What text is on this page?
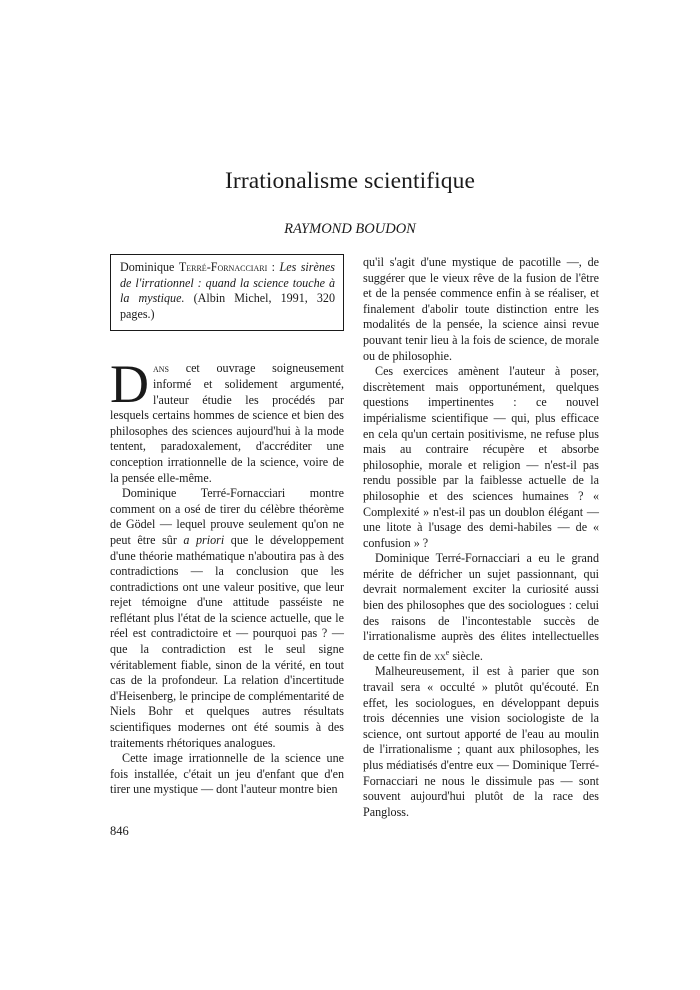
Irrationalisme scientifique
RAYMOND BOUDON
Dominique Terré-Fornacciari : Les sirènes de l'irrationnel : quand la science touche à la mystique. (Albin Michel, 1991, 320 pages.)

Dans cet ouvrage soigneusement informé et solidement argumenté, l'auteur étudie les procédés par lesquels certains hommes de science et bien des philosophes des sciences aujourd'hui à la mode tentent, paradoxalement, d'accréditer une conception irrationnelle de la science, voire de la pensée elle-même.

Dominique Terré-Fornacciari montre comment on a osé de tirer du célèbre théorème de Gödel — lequel prouve seulement qu'on ne peut être sûr a priori que le développement d'une théorie mathématique n'aboutira pas à des contradictions — la conclusion que les contradictions ont une valeur positive, que leur rejet témoigne d'une attitude passéiste ne reflétant plus l'état de la science actuelle, que le réel est contradictoire et — pourquoi pas ? — que la contradiction est le seul signe véritablement fiable, sinon de la vérité, en tout cas de la profondeur. La relation d'incertitude d'Heisenberg, le principe de complémentarité de Niels Bohr et quelques autres résultats scientifiques modernes ont été soumis à des traitements rhétoriques analogues.

Cette image irrationnelle de la science une fois installée, c'était un jeu d'enfant que d'en tirer une mystique — dont l'auteur montre bien

qu'il s'agit d'une mystique de pacotille —, de suggérer que le vieux rêve de la fusion de l'être et de la pensée commence enfin à se réaliser, et finalement d'abolir toute distinction entre les modalités de la pensée, la science ainsi revue pouvant tenir lieu à la fois de science, de morale ou de philosophie.

Ces exercices amènent l'auteur à poser, discrètement mais opportunément, quelques questions impertinentes : ce nouvel impérialisme scientifique — qui, plus efficace en cela qu'un certain positivisme, ne refuse plus mais au contraire récupère et absorbe philosophie, morale et religion — n'est-il pas rendu possible par la faiblesse actuelle de la philosophie et des sciences humaines ? « Complexité » n'est-il pas un doublon élégant — une litote à l'usage des demi-habiles — de « confusion » ?

Dominique Terré-Fornacciari a eu le grand mérite de défricher un sujet passionnant, qui devrait normalement exciter la curiosité aussi bien des philosophes que des sociologues : celui des raisons de l'incontestable succès de l'irrationalisme auprès des élites intellectuelles de cette fin de $xx^e$ siècle.

Malheureusement, il est à parier que son travail sera « occulté » plutôt qu'écouté. En effet, les sociologues, en développant depuis trois décennies une vision sociologiste de la science, ont surtout apporté de l'eau au moulin de l'irrationalisme ; quant aux philosophes, les plus médiatisés d'entre eux — Dominique Terré-Fornacciari ne nous le dissimule pas — sont souvent aujourd'hui plutôt de la race des Pangloss.

846
